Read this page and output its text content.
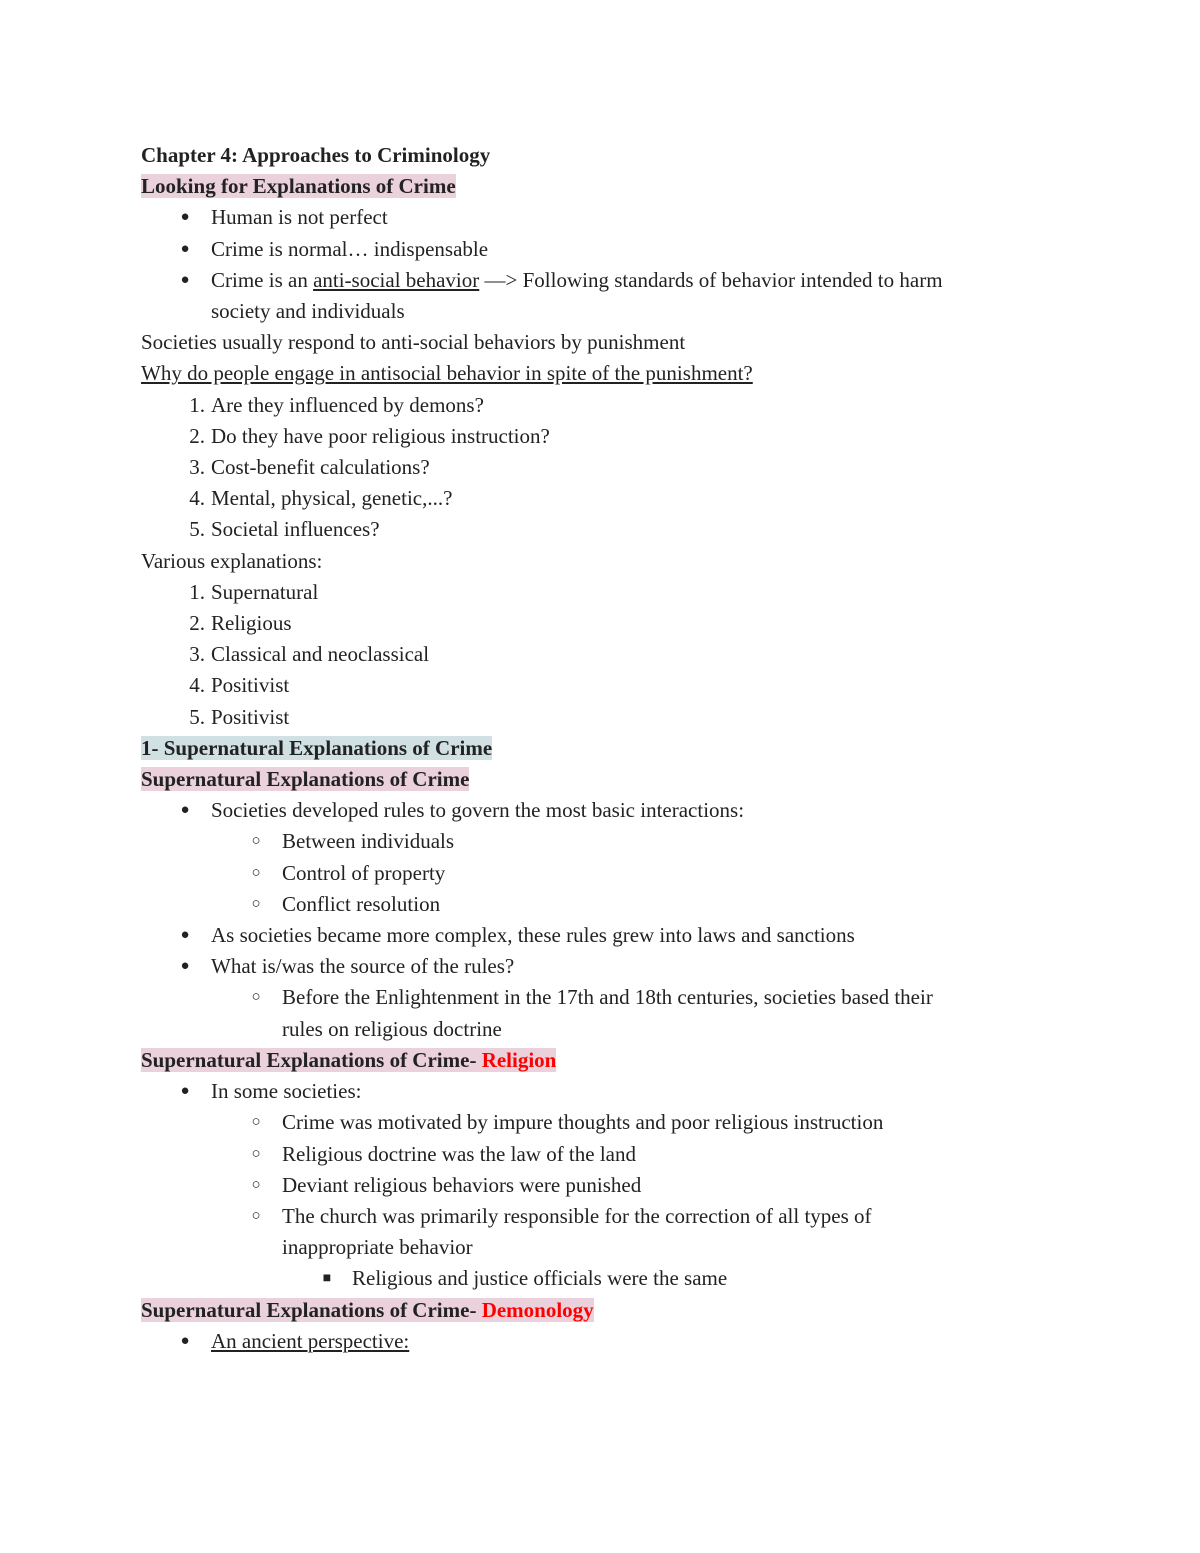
Chapter 4: Approaches to Criminology
Looking for Explanations of Crime
●	Human is not perfect
●	Crime is normal… indispensable
●	Crime is an anti-social behavior —> Following standards of behavior intended to harm
society and individuals
Societies usually respond to anti-social behaviors by punishment
Why do people engage in antisocial behavior in spite of the punishment?
1. Are they influenced by demons?
2. Do they have poor religious instruction?
3. Cost-benefit calculations?
4. Mental, physical, genetic,...?
5. Societal influences?
Various explanations:
1. Supernatural
2. Religious
3. Classical and neoclassical
4. Positivist
5. Positivist
1- Supernatural Explanations of Crime
Supernatural Explanations of Crime
●	Societies developed rules to govern the most basic interactions:
○	Between individuals
○	Control of property
○	Conflict resolution
●	As societies became more complex, these rules grew into laws and sanctions
●	What is/was the source of the rules?
○	Before the Enlightenment in the 17th and 18th centuries, societies based their
rules on religious doctrine
Supernatural Explanations of Crime- Religion
●	In some societies:
○	Crime was motivated by impure thoughts and poor religious instruction
○	Religious doctrine was the law of the land
○	Deviant religious behaviors were punished
○	The church was primarily responsible for the correction of all types of
inappropriate behavior
■ Religious and justice officials were the same
Supernatural Explanations of Crime- Demonology
●	An ancient perspective:
